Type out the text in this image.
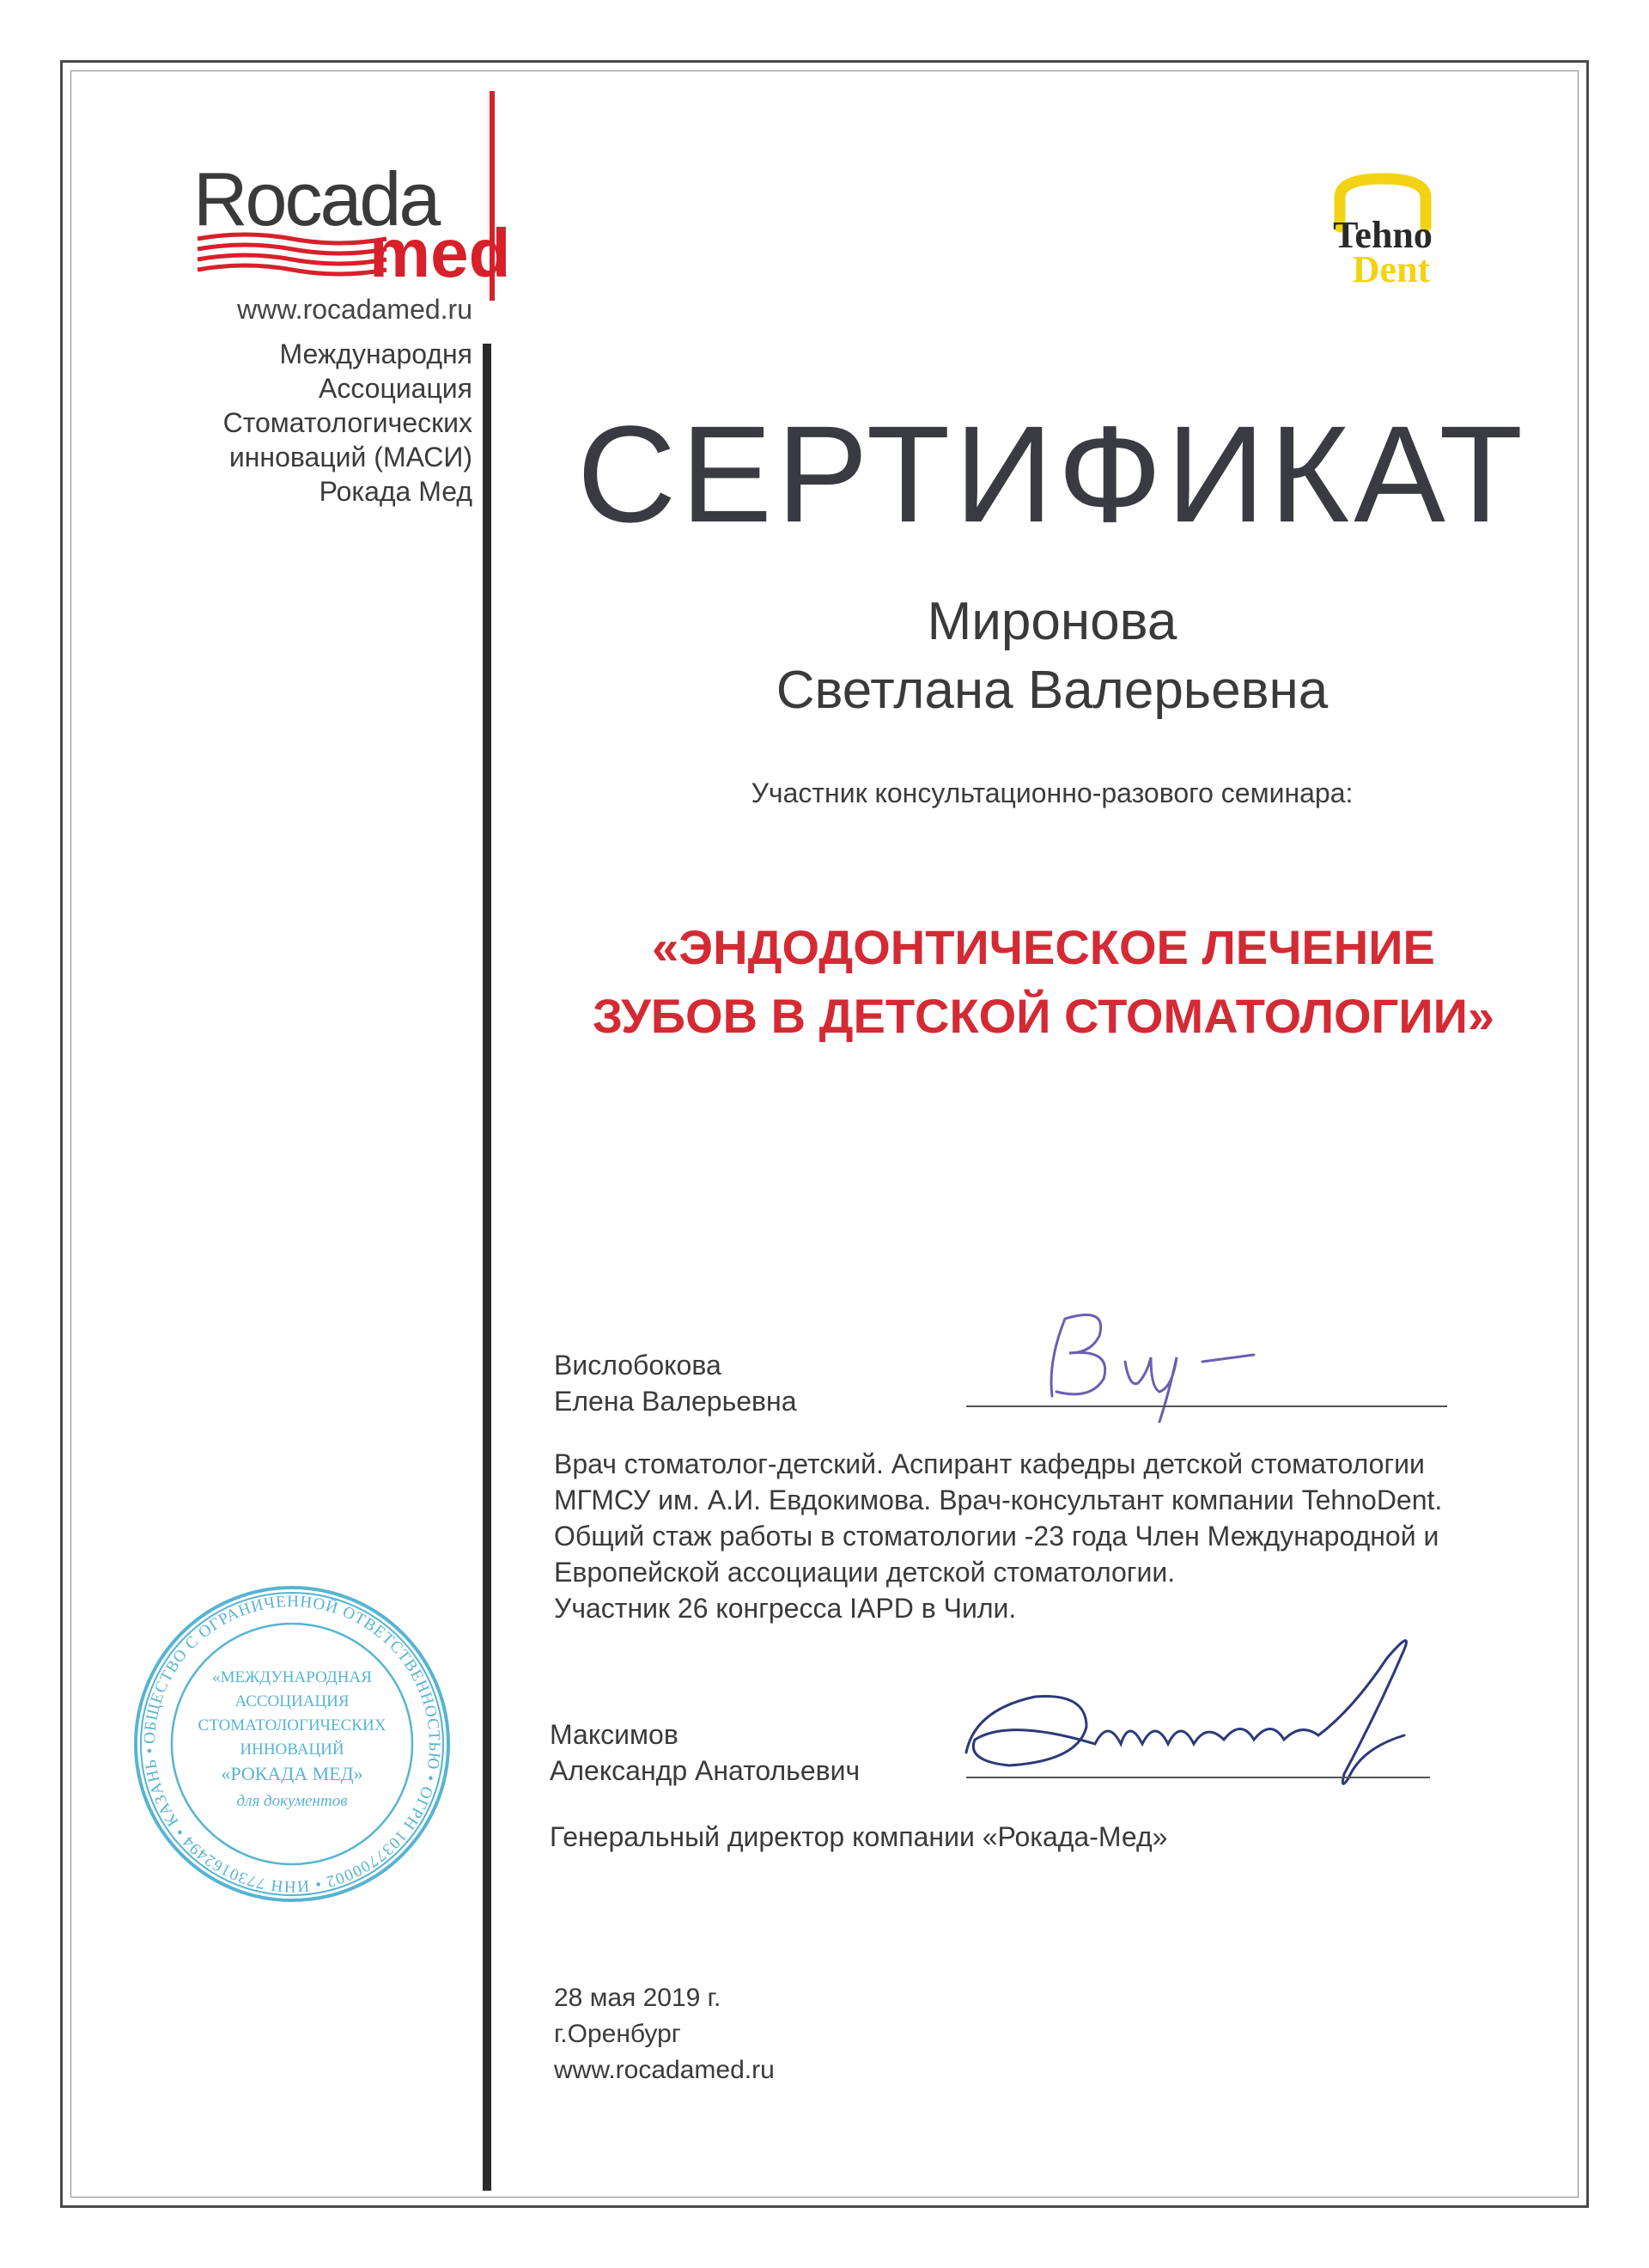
Rocada
med
www.rocadamed.ru
Международня
Ассоциация
Стоматологических
инноваций (МАСИ)
Рокада Мед
Tehno
Dent
СЕРТИФИКАТ
Миронова
Светлана Валерьевна
Участник консультационно-разового семинара:
«ЭНДОДОНТИЧЕСКОЕ ЛЕЧЕНИЕ
ЗУБОВ В ДЕТСКОЙ СТОМАТОЛОГИИ»
Вислобокова
Елена Валерьевна
Врач стоматолог-детский. Аспирант кафедры детской стоматологии
МГМСУ им. А.И. Евдокимова. Врач-консультант компании TehnoDent.
Общий стаж работы в стоматологии -23 года Член Международной и
Европейской ассоциации детской стоматологии.
Участник 26 конгресса IAPD в Чили.
Максимов
Александр Анатольевич
Генеральный директор компании «Рокада-Мед»
28 мая 2019 г.
г.Оренбург
www.rocadamed.ru
ОБЩЕСТВО С ОГРАНИЧЕННОЙ ОТВЕТСТВЕННОСТЬЮ • ОГРН 1037700002 • ИНН 7730162494 • КАЗАНЬ •
«МЕЖДУНАРОДНАЯ
АССОЦИАЦИЯ
СТОМАТОЛОГИЧЕСКИХ
ИННОВАЦИЙ
«РОКАДА МЕД»
для документов
